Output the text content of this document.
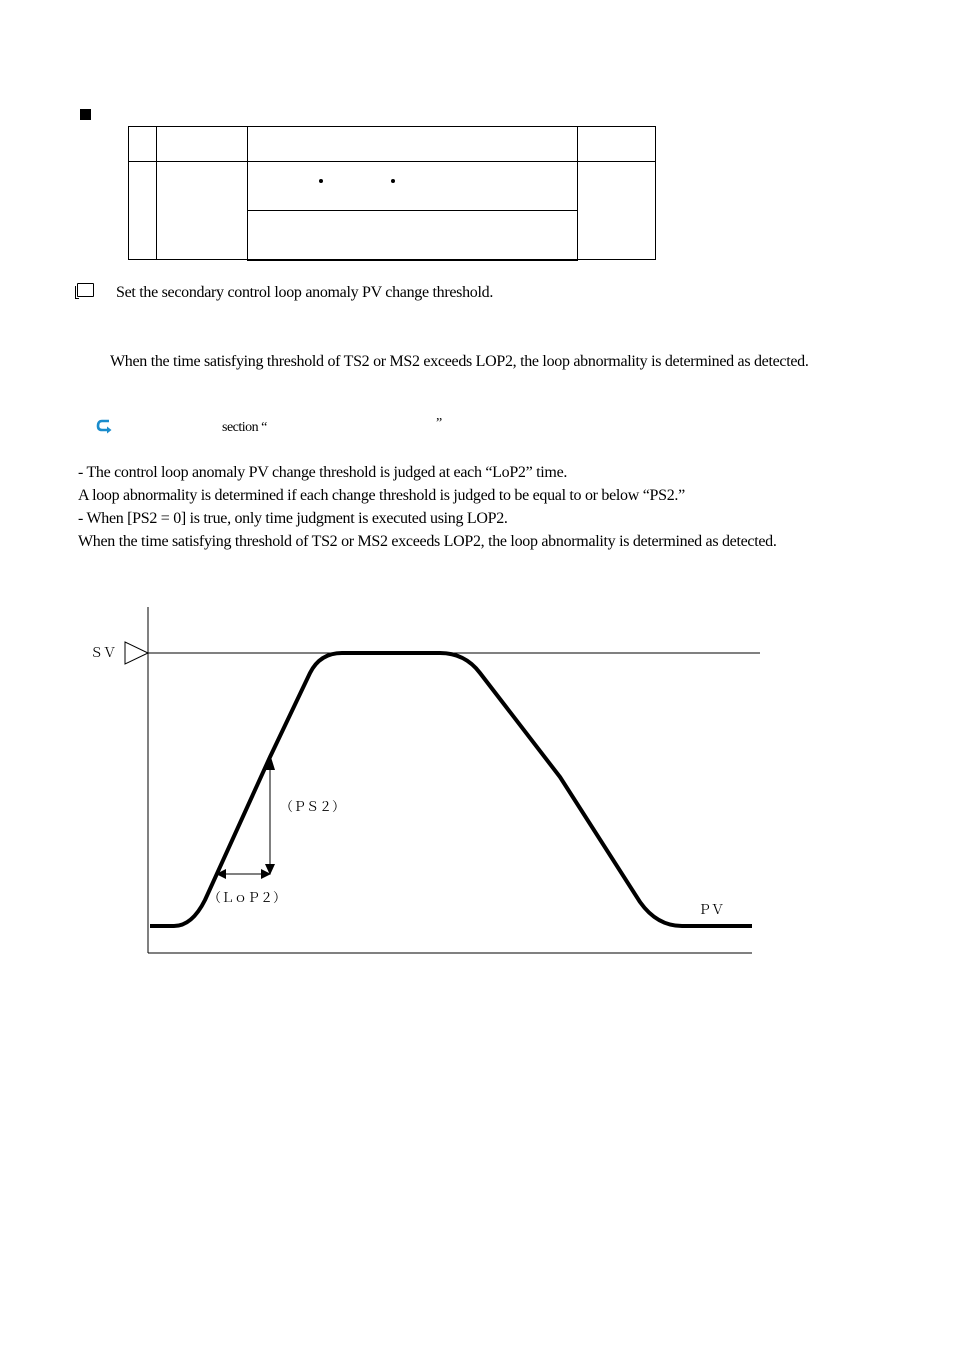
Set the secondary control loop anomaly PV change threshold.
When the time satisfying threshold of TS2 or MS2 exceeds LOP2, the loop abnormality is determined as detected.
section “	”
- The control loop anomaly PV change threshold is judged at each “LoP2” time.
A loop abnormality is determined if each change threshold is judged to be equal to or below “PS2.”
- When [PS2 = 0] is true, only time judgment is executed using LOP2.
When the time satisfying threshold of TS2 or MS2 exceeds LOP2, the loop abnormality is determined as detected.
ＳＶ
（ＰＳ２）
（ＬｏＰ２）
ＰＶ
